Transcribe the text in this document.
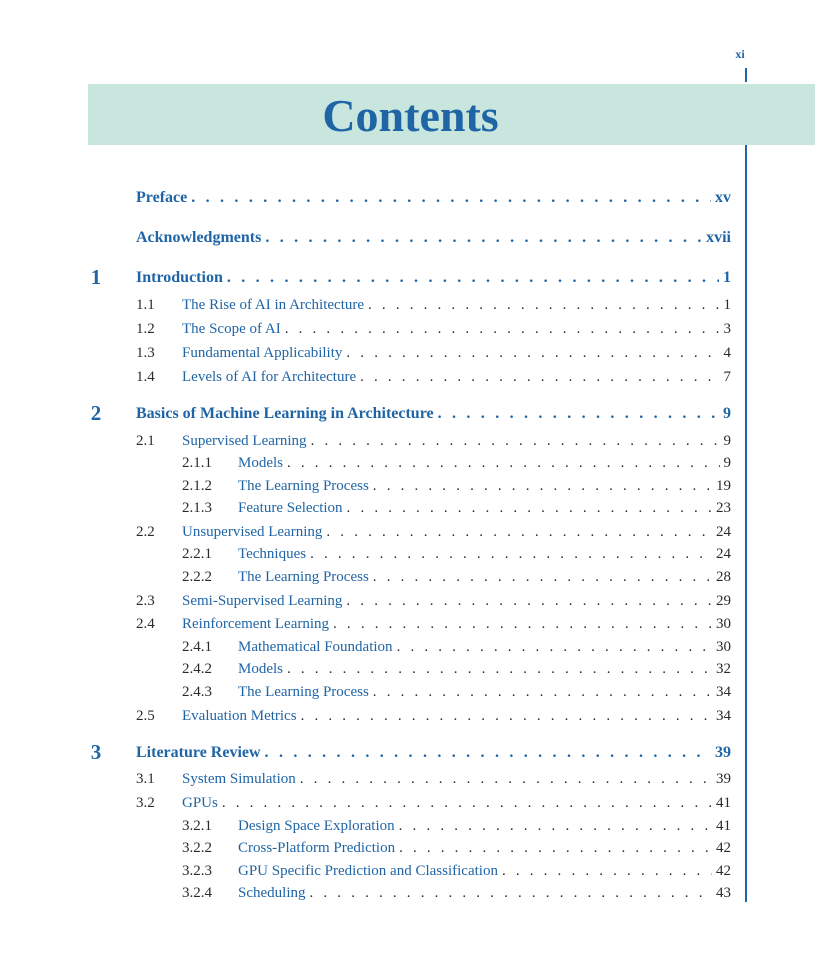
xi
Contents
Preface . . .	xv
Acknowledgments . . .	xvii
1	Introduction . . .	1
1.1 The Rise of AI in Architecture . . .	1
1.2 The Scope of AI . . .	3
1.3 Fundamental Applicability . . .	4
1.4 Levels of AI for Architecture . . .	7
2	Basics of Machine Learning in Architecture . . .	9
2.1 Supervised Learning . . .	9
2.1.1 Models . . .	9
2.1.2 The Learning Process . . .	19
2.1.3 Feature Selection . . .	23
2.2 Unsupervised Learning . . .	24
2.2.1 Techniques . . .	24
2.2.2 The Learning Process . . .	28
2.3 Semi-Supervised Learning . . .	29
2.4 Reinforcement Learning . . .	30
2.4.1 Mathematical Foundation . . .	30
2.4.2 Models . . .	32
2.4.3 The Learning Process . . .	34
2.5 Evaluation Metrics . . .	34
3	Literature Review . . .	39
3.1 System Simulation . . .	39
3.2 GPUs . . .	41
3.2.1 Design Space Exploration . . .	41
3.2.2 Cross-Platform Prediction . . .	42
3.2.3 GPU Specific Prediction and Classification . . .	42
3.2.4 Scheduling . . .	43
